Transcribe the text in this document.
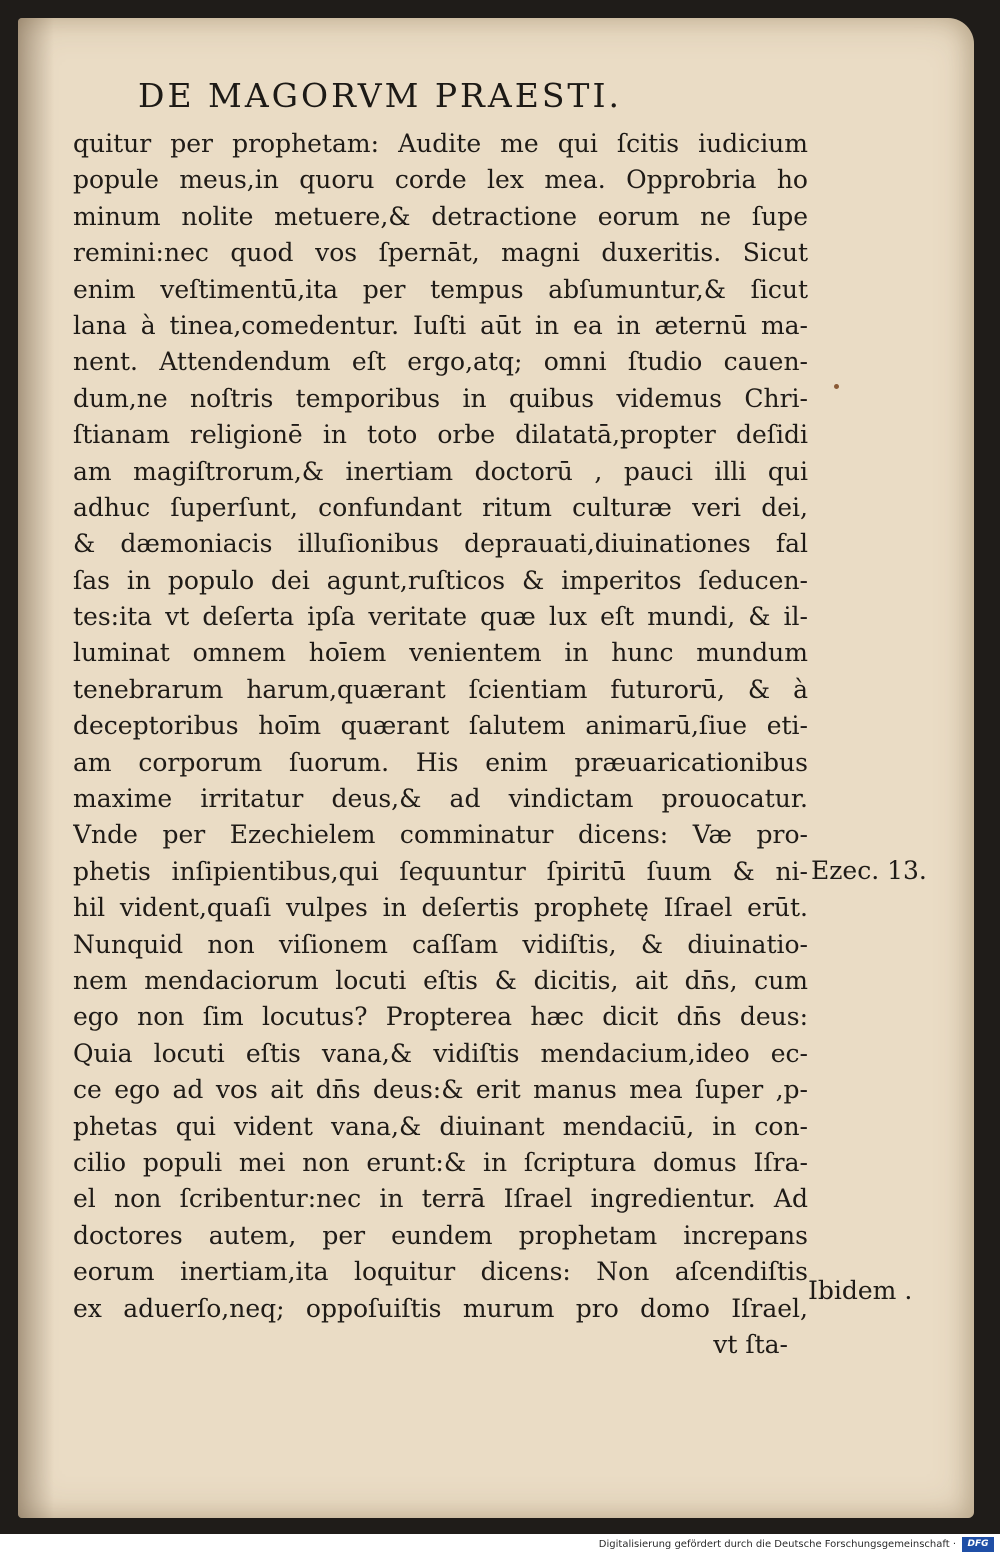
DE MAGORVM PRAESTI.
quitur per prophetam: Audite me qui ſcitis iudicium
popule meus,in quoru corde lex mea. Opprobria ho
minum nolite metuere,& detractione eorum ne ſupe
remini:nec quod vos ſpernāt, magni duxeritis. Sicut
enim veſtimentū,ita per tempus abſumuntur,& ſicut
lana à tinea,comedentur. Iuſti aūt in ea in æternū ma-
nent. Attendendum eſt ergo,atq; omni ſtudio cauen-
dum,ne noſtris temporibus in quibus videmus Chri-
ſtianam religionē in toto orbe dilatatā,propter deſidi
am magiſtrorum,& inertiam doctorū , pauci illi qui
adhuc ſuperſunt, confundant ritum culturæ veri dei,
& dæmoniacis illuſionibus deprauati,diuinationes fal
ſas in populo dei agunt,ruſticos & imperitos ſeducen-
tes:ita vt deſerta ipſa veritate quæ lux eſt mundi, & il-
luminat omnem hoīem venientem in hunc mundum
tenebrarum harum,quærant ſcientiam futurorū, & à
deceptoribus hoīm quærant ſalutem animarū,ſiue eti-
am corporum ſuorum. His enim præuaricationibus
maxime irritatur deus,& ad vindictam prouocatur.
Vnde per Ezechielem comminatur dicens: Væ pro-
phetis inſipientibus,qui ſequuntur ſpiritū ſuum & ni-
hil vident,quaſi vulpes in deſertis prophetę Iſrael erūt.
Nunquid non viſionem caſſam vidiſtis, & diuinatio-
nem mendaciorum locuti eſtis & dicitis, ait dn̄s, cum
ego non ſim locutus? Propterea hæc dicit dn̄s deus:
Quia locuti eſtis vana,& vidiſtis mendacium,ideo ec-
ce ego ad vos ait dn̄s deus:& erit manus mea ſuper ,p-
phetas qui vident vana,& diuinant mendaciū, in con-
cilio populi mei non erunt:& in ſcriptura domus Iſra-
el non ſcribentur:nec in terrā Iſrael ingredientur. Ad
doctores autem, per eundem prophetam increpans
eorum inertiam,ita loquitur dicens: Non aſcendiſtis
ex aduerſo,neq; oppoſuiſtis murum pro domo Iſrael,
vt ſta-
Ezec. 13.
Ibidem .
Digitalisierung gefördert durch die Deutsche Forschungsgemeinschaft ·	DFG
